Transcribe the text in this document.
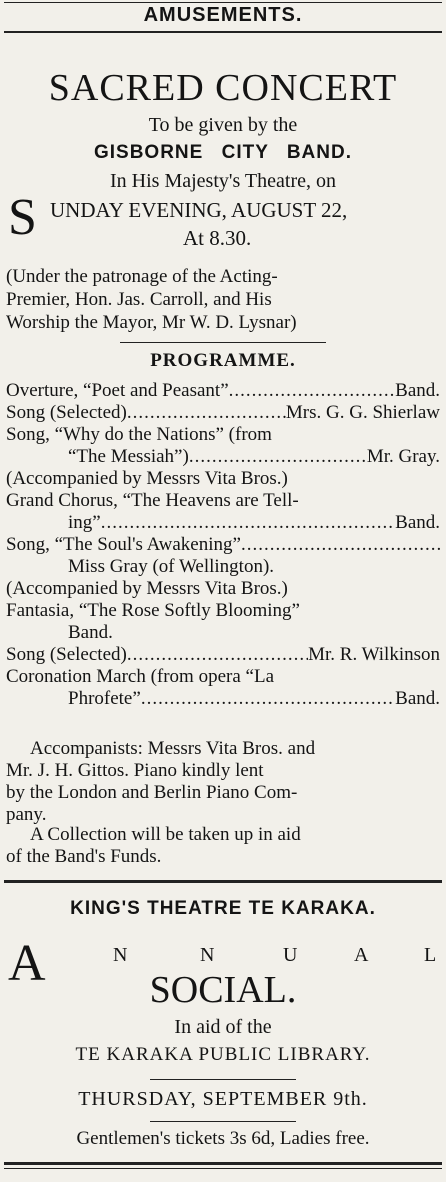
AMUSEMENTS.
SACRED CONCERT
To be given by the
GISBORNE CITY BAND.
In His Majesty's Theatre, on
S UNDAY EVENING, AUGUST 22,
At 8.30.
(Under the patronage of the Acting-
Premier, Hon. Jas. Carroll, and His
Worship the Mayor, Mr W. D. Lysnar)
PROGRAMME.
Overture, “Poet and Peasant” .....	Band.
Song (Selected) .....	Mrs. G. G. Shierlaw
Song, “Why do the Nations” (from
“The Messiah”) .....	Mr. Gray.
(Accompanied by Messrs Vita Bros.)
Grand Chorus, “The Heavens are Tell-
ing” .....	Band.
Song, “The Soul's Awakening”
.....
Miss Gray (of Wellington).
(Accompanied by Messrs Vita Bros.)
Fantasia, “The Rose Softly Blooming”
Band.
Song (Selected) .....	Mr. R. Wilkinson
Coronation March (from opera “La
Phrofete” .....	Band.
Accompanists: Messrs Vita Bros. and
Mr. J. H. Gittos. Piano kindly lent
by the London and Berlin Piano Com-
pany.
A Collection will be taken up in aid
of the Band's Funds.
KING'S THEATRE TE KARAKA.
A	N	N	U	A	L
SOCIAL.
In aid of the
TE KARAKA PUBLIC LIBRARY.
THURSDAY, SEPTEMBER 9th.
Gentlemen's tickets 3s 6d, Ladies free.
